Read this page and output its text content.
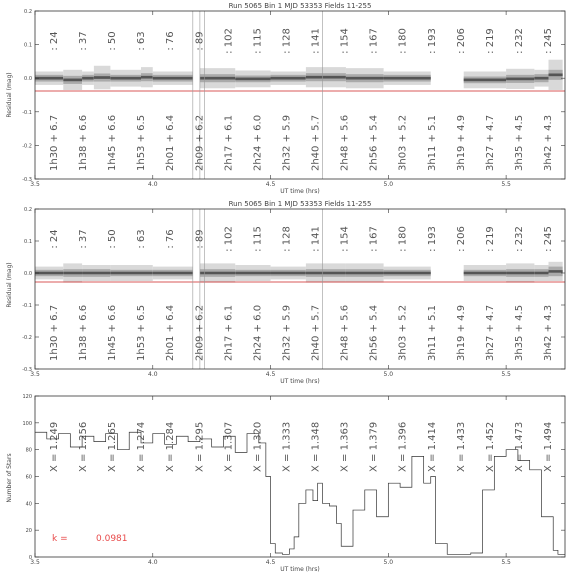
Run 5065 Bin 1 MJD 53353 Fields 11-255
: 24 : 37 : 50 : 63 : 76 : 89 : 102 : 115 : 128 : 141 : 154 : 167 : 180 : 193 : 206 : 219 : 232 : 245
1h30 + 6.7 1h38 + 6.6 1h45 + 6.6 1h53 + 6.5 2h01 + 6.4 2h09 + 6.2 2h17 + 6.1 2h24 + 6.0 2h32 + 5.9 2h40 + 5.7 2h48 + 5.6 2h56 + 5.4 3h03 + 5.2 3h11 + 5.1 3h19 + 4.9 3h27 + 4.7 3h35 + 4.5 3h42 + 4.3
-0.3
-0.2
-0.1
0.0
0.1
0.2
3.5	4.0	4.5	5.0	5.5
Residual (mag)
UT time (hrs)
Run 5065 Bin 1 MJD 53353 Fields 11-255
: 24 : 37 : 50 : 63 : 76 : 89 : 102 : 115 : 128 : 141 : 154 : 167 : 180 : 193 : 206 : 219 : 232 : 245
1h30 + 6.7 1h38 + 6.6 1h45 + 6.6 1h53 + 6.5 2h01 + 6.4 2h09 + 6.2 2h17 + 6.1 2h24 + 6.0 2h32 + 5.9 2h40 + 5.7 2h48 + 5.6 2h56 + 5.4 3h03 + 5.2 3h11 + 5.1 3h19 + 4.9 3h27 + 4.7 3h35 + 4.5 3h42 + 4.3
-0.3
-0.2
-0.1
0.0
0.1
0.2
3.5	4.0	4.5	5.0	5.5
Residual (mag)
UT time (hrs)
X = 1.249 X = 1.256 X = 1.265 X = 1.274 X = 1.284 X = 1.295 X = 1.307 X = 1.320 X = 1.333 X = 1.348 X = 1.363 X = 1.379 X = 1.396 X = 1.414 X = 1.433 X = 1.452 X = 1.473 X = 1.494
k =	0.0981
0
20
40
60
80
100
120
3.5	4.0	4.5	5.0	5.5
Number of Stars
UT time (hrs)
